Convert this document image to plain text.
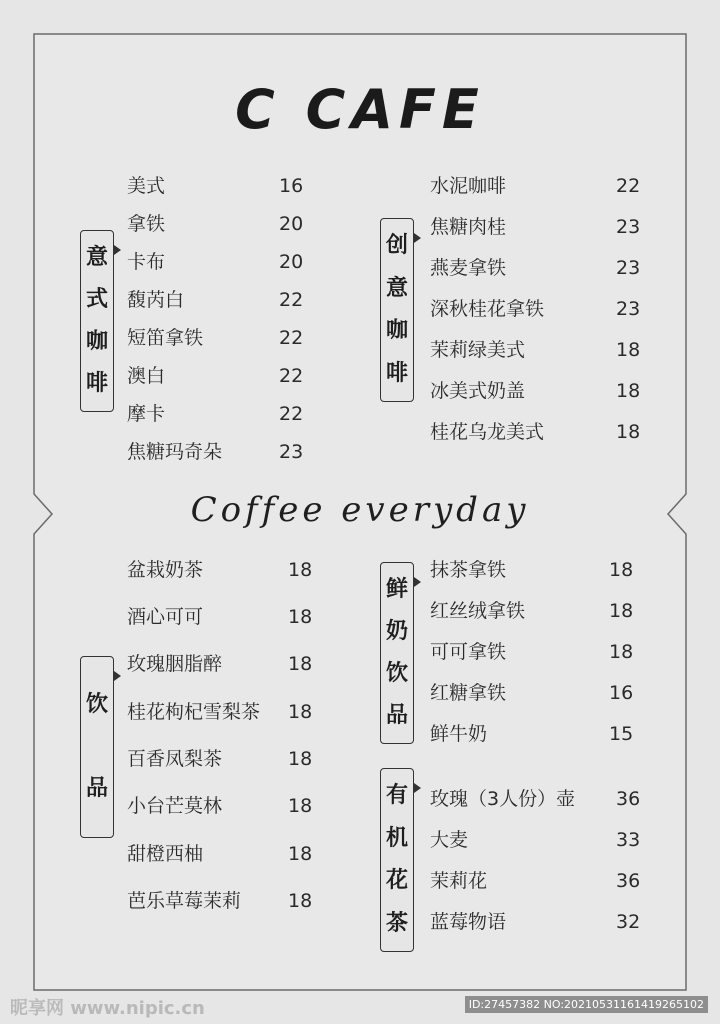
C CAFE
Coffee everyday
意
式
咖
啡
美式	16
拿铁	20
卡布	20
馥芮白	22
短笛拿铁	22
澳白	22
摩卡	22
焦糖玛奇朵	23
创
意
咖
啡
水泥咖啡	22
焦糖肉桂	23
燕麦拿铁	23
深秋桂花拿铁	23
茉莉绿美式	18
冰美式奶盖	18
桂花乌龙美式	18
饮
品
盆栽奶茶	18
酒心可可	18
玫瑰胭脂醉	18
桂花枸杞雪梨茶 18
百香凤梨茶	18
小台芒莫林	18
甜橙西柚	18
芭乐草莓茉莉 18
鲜
奶
饮
品
抹茶拿铁	18
红丝绒拿铁	18
可可拿铁	18
红糖拿铁	16
鲜牛奶	15
有
机
花
茶
玫瑰（3人份）壶 36
大麦	33
茉莉花	36
蓝莓物语	32
昵享网 www.nipic.cn	ID:27457382 NO:20210531161419265102
